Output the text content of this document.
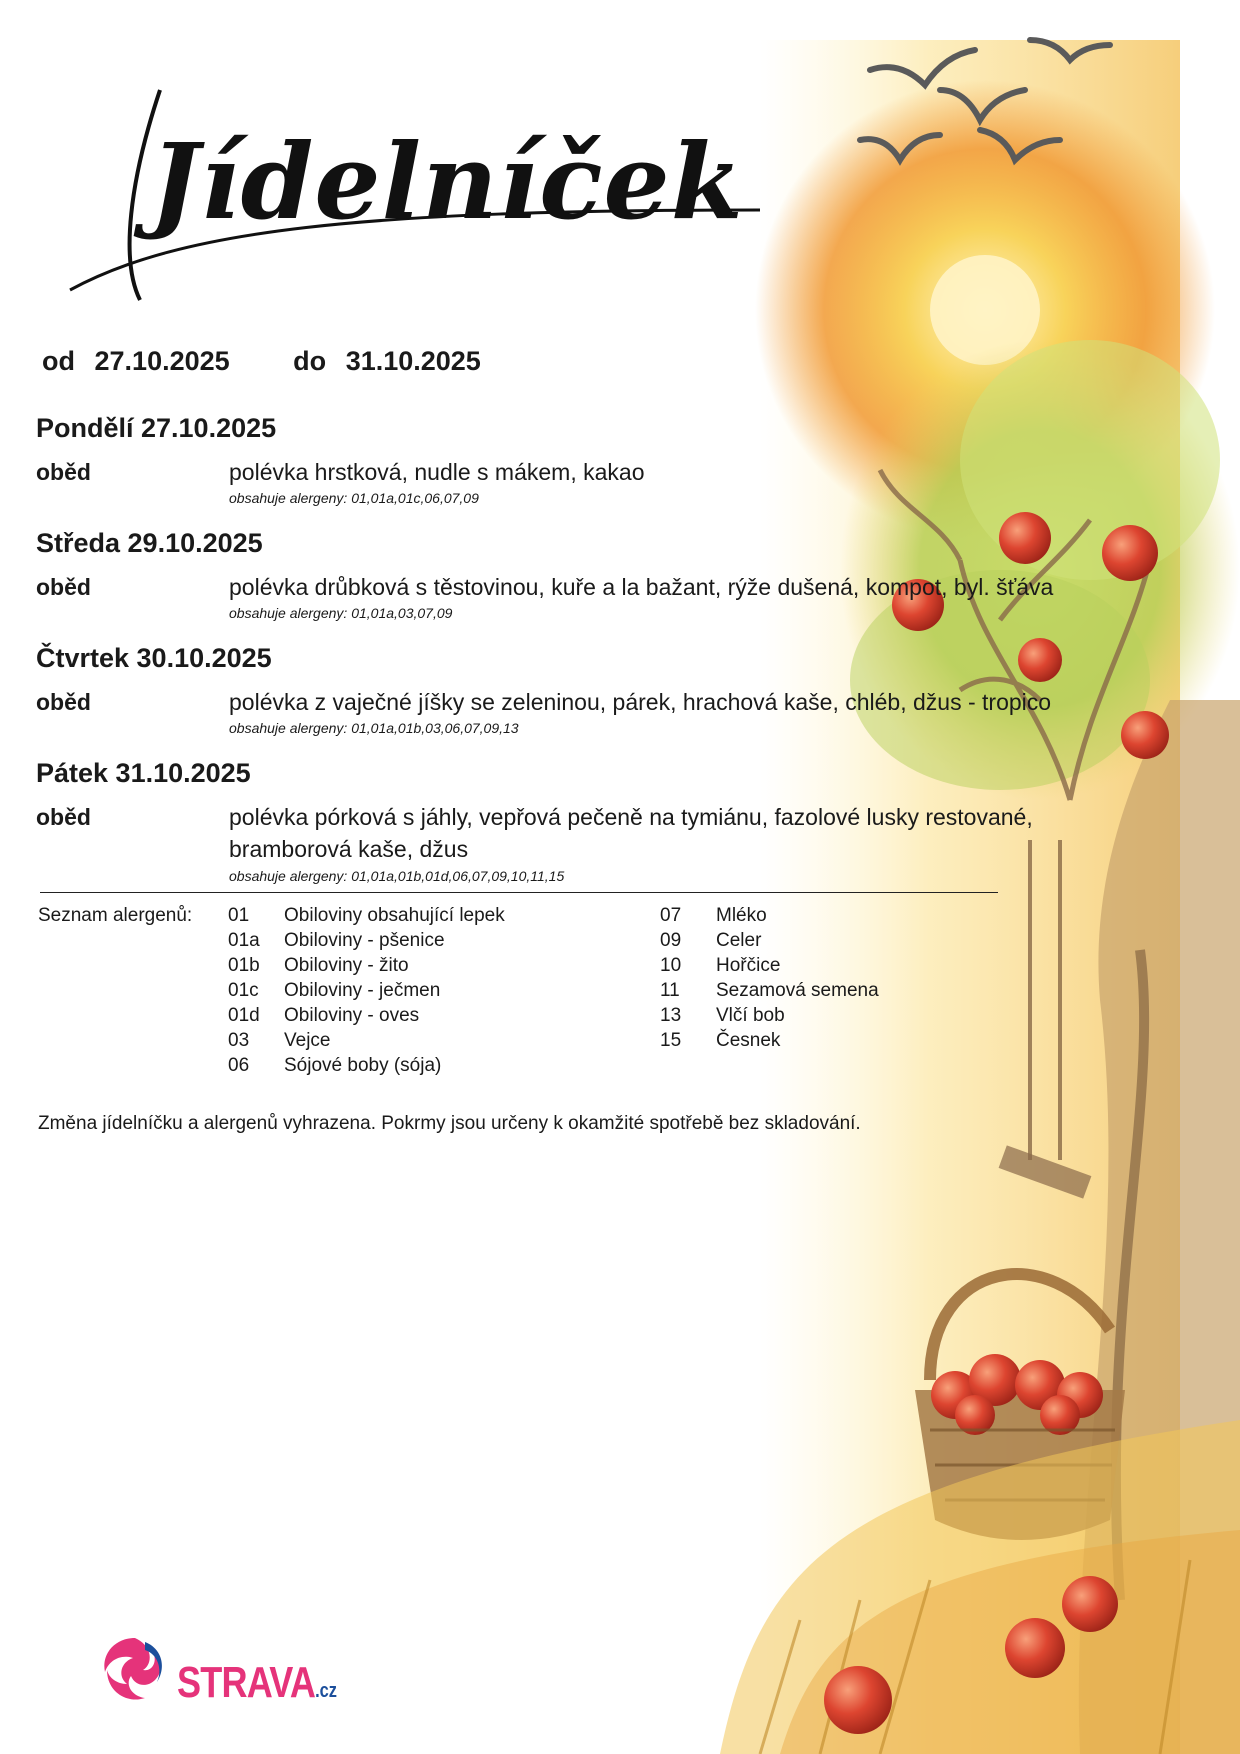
Jídelníček
od 27.10.2025 do 31.10.2025
Pondělí 27.10.2025
oběd	polévka hrstková, nudle s mákem, kakao
obsahuje alergeny: 01,01a,01c,06,07,09
Středa 29.10.2025
oběd	polévka drůbková s těstovinou, kuře a la bažant, rýže dušená, kompot, byl. šťáva
obsahuje alergeny: 01,01a,03,07,09
Čtvrtek 30.10.2025
oběd	polévka z vaječné jíšky se zeleninou, párek, hrachová kaše, chléb, džus - tropico
obsahuje alergeny: 01,01a,01b,03,06,07,09,13
Pátek 31.10.2025
oběd	polévka pórková s jáhly, vepřová pečeně na tymiánu, fazolové lusky restované, bramborová kaše, džus
obsahuje alergeny: 01,01a,01b,01d,06,07,09,10,11,15
Seznam alergenů: 01 Obiloviny obsahující lepek
01a Obiloviny - pšenice
01b Obiloviny - žito
01c Obiloviny - ječmen
01d Obiloviny - oves
03 Vejce
06 Sójové boby (sója)
07 Mléko
09 Celer
10 Hořčice
11 Sezamová semena
13 Vlčí bob
15 Česnek
Změna jídelníčku a alergenů vyhrazena. Pokrmy jsou určeny k okamžité spotřebě bez skladování.
STRAVA.cz
